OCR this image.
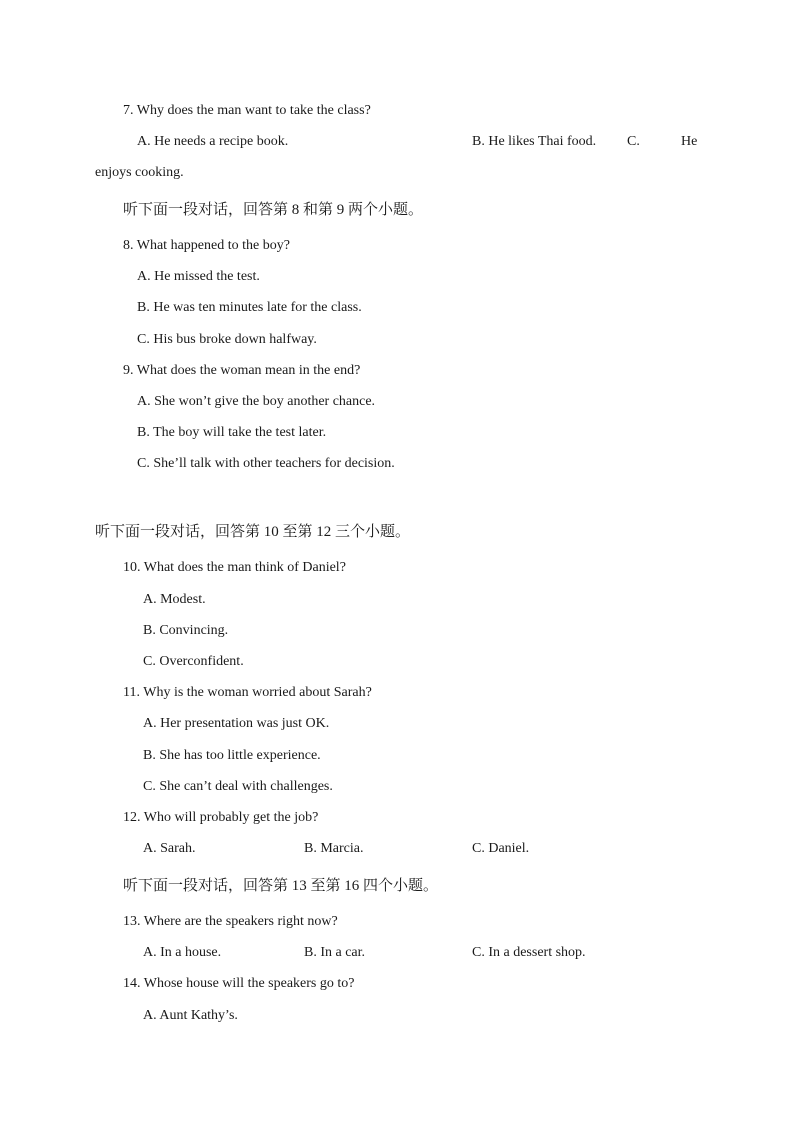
7. Why does the man want to take the class?
A. He needs a recipe book.	B. He likes Thai food. C.	He
enjoys cooking.
听下面一段对话，回答第 8 和第 9 两个小题。
8. What happened to the boy?
A. He missed the test.
B. He was ten minutes late for the class.
C. His bus broke down halfway.
9. What does the woman mean in the end?
A. She won’t give the boy another chance.
B. The boy will take the test later.
C. She’ll talk with other teachers for decision.
听下面一段对话，回答第 10 至第 12 三个小题。
10. What does the man think of Daniel?
A. Modest.
B. Convincing.
C. Overconfident.
11. Why is the woman worried about Sarah?
A. Her presentation was just OK.
B. She has too little experience.
C. She can’t deal with challenges.
12. Who will probably get the job?
A. Sarah.	B. Marcia.	C. Daniel.
听下面一段对话，回答第 13 至第 16 四个小题。
13. Where are the speakers right now?
A. In a house.	B. In a car.	C. In a dessert shop.
14. Whose house will the speakers go to?
A. Aunt Kathy’s.
